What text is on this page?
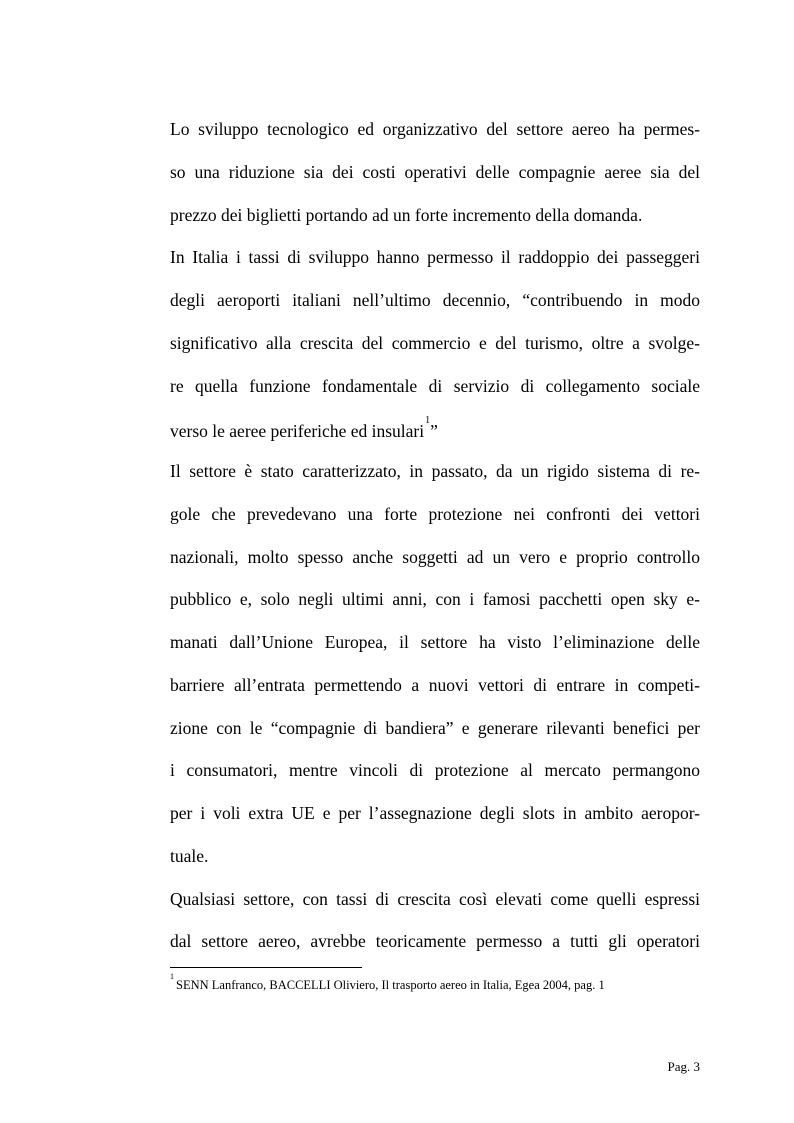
Lo sviluppo tecnologico ed organizzativo del settore aereo ha permes-
so una riduzione sia dei costi operativi delle compagnie aeree sia del
prezzo dei biglietti portando ad un forte incremento della domanda.
In Italia i tassi di sviluppo hanno permesso il raddoppio dei passeggeri
degli aeroporti italiani nell’ultimo decennio, “contribuendo in modo
significativo alla crescita del commercio e del turismo, oltre a svolge-
re quella funzione fondamentale di servizio di collegamento sociale
verso le aeree periferiche ed insulari$^1$”
Il settore è stato caratterizzato, in passato, da un rigido sistema di re-
gole che prevedevano una forte protezione nei confronti dei vettori
nazionali, molto spesso anche soggetti ad un vero e proprio controllo
pubblico e, solo negli ultimi anni, con i famosi pacchetti open sky e-
manati dall’Unione Europea, il settore ha visto l’eliminazione delle
barriere all’entrata permettendo a nuovi vettori di entrare in competi-
zione con le “compagnie di bandiera” e generare rilevanti benefici per
i consumatori, mentre vincoli di protezione al mercato permangono
per i voli extra UE e per l’assegnazione degli slots in ambito aeropor-
tuale.
Qualsiasi settore, con tassi di crescita così elevati come quelli espressi
dal settore aereo, avrebbe teoricamente permesso a tutti gli operatori
$^1$SENN Lanfranco, BACCELLI Oliviero, Il trasporto aereo in Italia, Egea 2004, pag. 1
Pag. 3
